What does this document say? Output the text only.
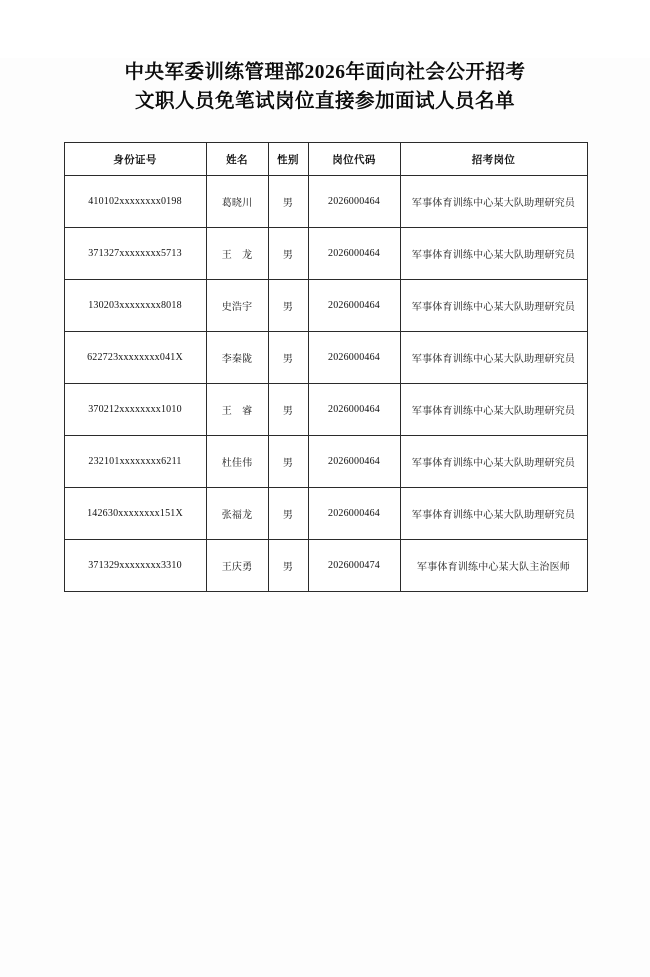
中央军委训练管理部2026年面向社会公开招考
文职人员免笔试岗位直接参加面试人员名单
身份证号	姓名	性别	岗位代码	招考岗位
410102xxxxxxxx0198	葛晓川	男	2026000464	军事体育训练中心某大队助理研究员
371327xxxxxxxx5713	王　龙	男	2026000464	军事体育训练中心某大队助理研究员
130203xxxxxxxx8018	史浩宇	男	2026000464	军事体育训练中心某大队助理研究员
622723xxxxxxxx041X	李秦陇	男	2026000464	军事体育训练中心某大队助理研究员
370212xxxxxxxx1010	王　睿	男	2026000464	军事体育训练中心某大队助理研究员
232101xxxxxxxx6211	杜佳伟	男	2026000464	军事体育训练中心某大队助理研究员
142630xxxxxxxx151X	张福龙	男	2026000464	军事体育训练中心某大队助理研究员
371329xxxxxxxx3310	王庆勇	男	2026000474	军事体育训练中心某大队主治医师
